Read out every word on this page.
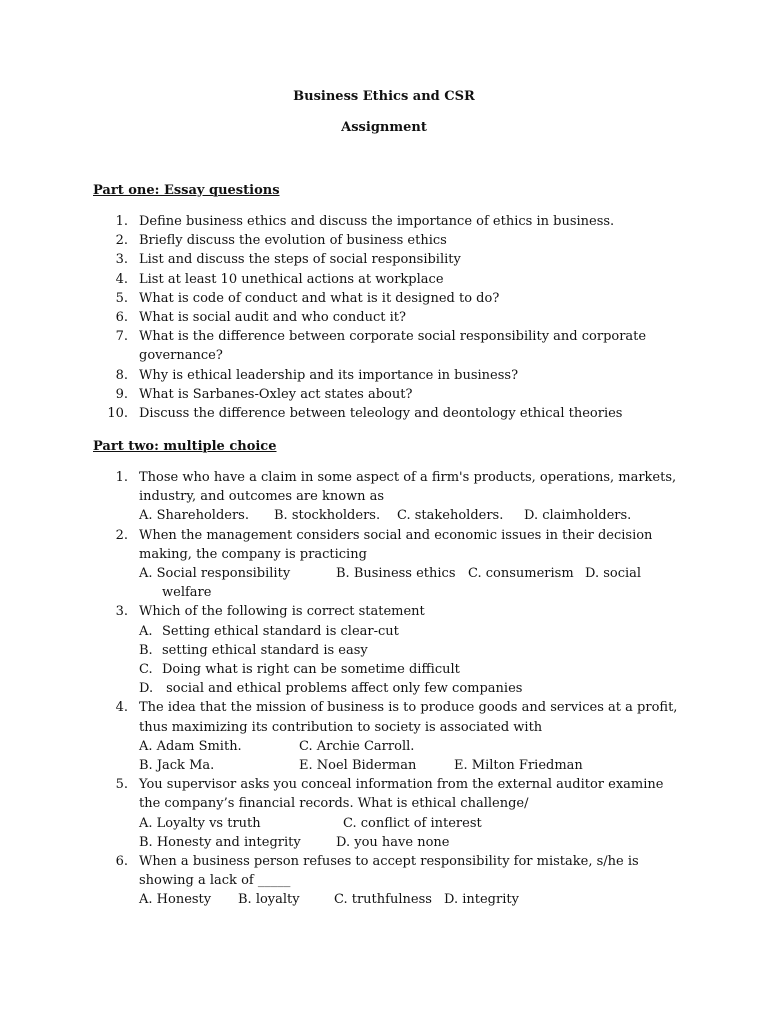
Business Ethics and CSR
Assignment
Part one: Essay questions
1. Define business ethics and discuss the importance of ethics in business.
2. Briefly discuss the evolution of business ethics
3. List and discuss the steps of social responsibility
4. List at least 10 unethical actions at workplace
5. What is code of conduct and what is it designed to do?
6. What is social audit and who conduct it?
7. What is the difference between corporate social responsibility and corporate governance?
8. Why is ethical leadership and its importance in business?
9. What is Sarbanes-Oxley act states about?
10. Discuss the difference between teleology and deontology ethical theories
Part two: multiple choice
1. Those who have a claim in some aspect of a firm's products, operations, markets, industry, and outcomes are known as
A. Shareholders. B. stockholders. C. stakeholders. D. claimholders.
2. When the management considers social and economic issues in their decision making, the company is practicing
A. Social responsibility	B. Business ethics C. consumerism D. social
welfare
3. Which of the following is correct statement
A. Setting ethical standard is clear-cut
B. setting ethical standard is easy
C. Doing what is right can be sometime difficult
D. social and ethical problems affect only few companies
4. The idea that the mission of business is to produce goods and services at a profit, thus maximizing its contribution to society is associated with
A. Adam Smith.	C. Archie Carroll.
B. Jack Ma.	E. Noel Biderman	E. Milton Friedman
5. You supervisor asks you conceal information from the external auditor examine the company’s financial records. What is ethical challenge/
A. Loyalty vs truth	C. conflict of interest
B. Honesty and integrity	D. you have none
6. When a business person refuses to accept responsibility for mistake, s/he is showing a lack of _____
A. Honesty B. loyalty	C. truthfulness D. integrity
